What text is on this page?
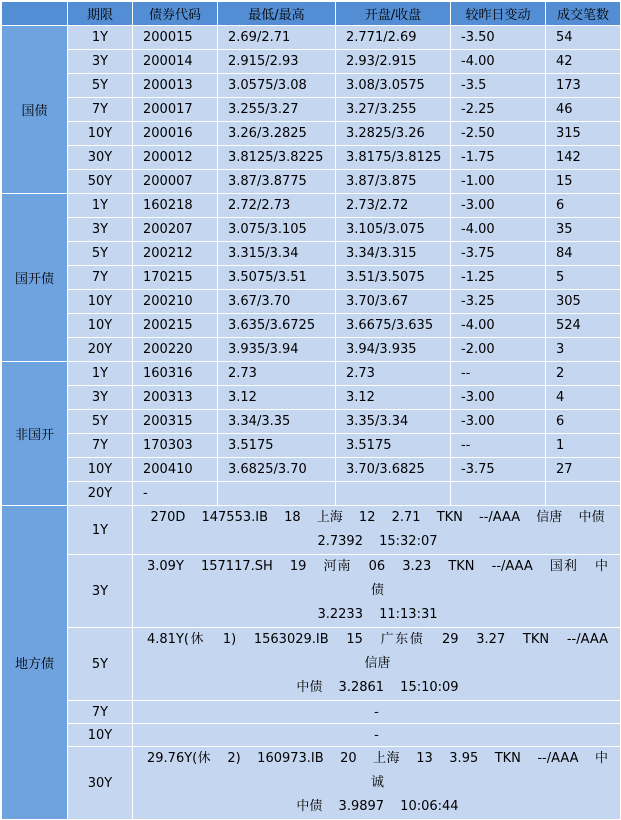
	期限	债券代码	最低/最高	开盘/收盘	较昨日变动	成交笔数
国债	1Y	200015	2.69/2.71	2.771/2.69	-3.50	54
	3Y	200014	2.915/2.93	2.93/2.915	-4.00	42
	5Y	200013	3.0575/3.08	3.08/3.0575	-3.5	173
	7Y	200017	3.255/3.27	3.27/3.255	-2.25	46
	10Y	200016	3.26/3.2825	3.2825/3.26	-2.50	315
	30Y	200012	3.8125/3.8225	3.8175/3.8125	-1.75	142
	50Y	200007	3.87/3.8775	3.87/3.875	-1.00	15
国开债	1Y	160218	2.72/2.73	2.73/2.72	-3.00	6
	3Y	200207	3.075/3.105	3.105/3.075	-4.00	35
	5Y	200212	3.315/3.34	3.34/3.315	-3.75	84
	7Y	170215	3.5075/3.51	3.51/3.5075	-1.25	5
	10Y	200210	3.67/3.70	3.70/3.67	-3.25	305
	10Y	200215	3.635/3.6725	3.6675/3.635	-4.00	524
	20Y	200220	3.935/3.94	3.94/3.935	-2.00	3
非国开	1Y	160316	2.73	2.73	--	2
	3Y	200313	3.12	3.12	-3.00	4
	5Y	200315	3.34/3.35	3.35/3.34	-3.00	6
	7Y	170303	3.5175	3.5175	--	1
	10Y	200410	3.6825/3.70	3.70/3.6825	-3.75	27
	20Y	-				
地方债	1Y	270D 147553.IB 18 上海 12 2.71 TKN --/AAA 信唐 中债
2.7392 15:32:07				

	3Y	3.09Y 157117.SH 19 河南 06 3.23 TKN --/AAA 国利 中债
3.2233 11:13:31				

	5Y	4.81Y(休 1) 1563029.IB 15 广东债 29 3.27 TKN --/AAA 信唐
中债 3.2861 15:10:09				

	7Y	-				
	10Y	-				
	30Y	29.76Y(休 2) 160973.IB 20 上海 13 3.95 TKN --/AAA 中诚
中债 3.9897 10:06:44				
